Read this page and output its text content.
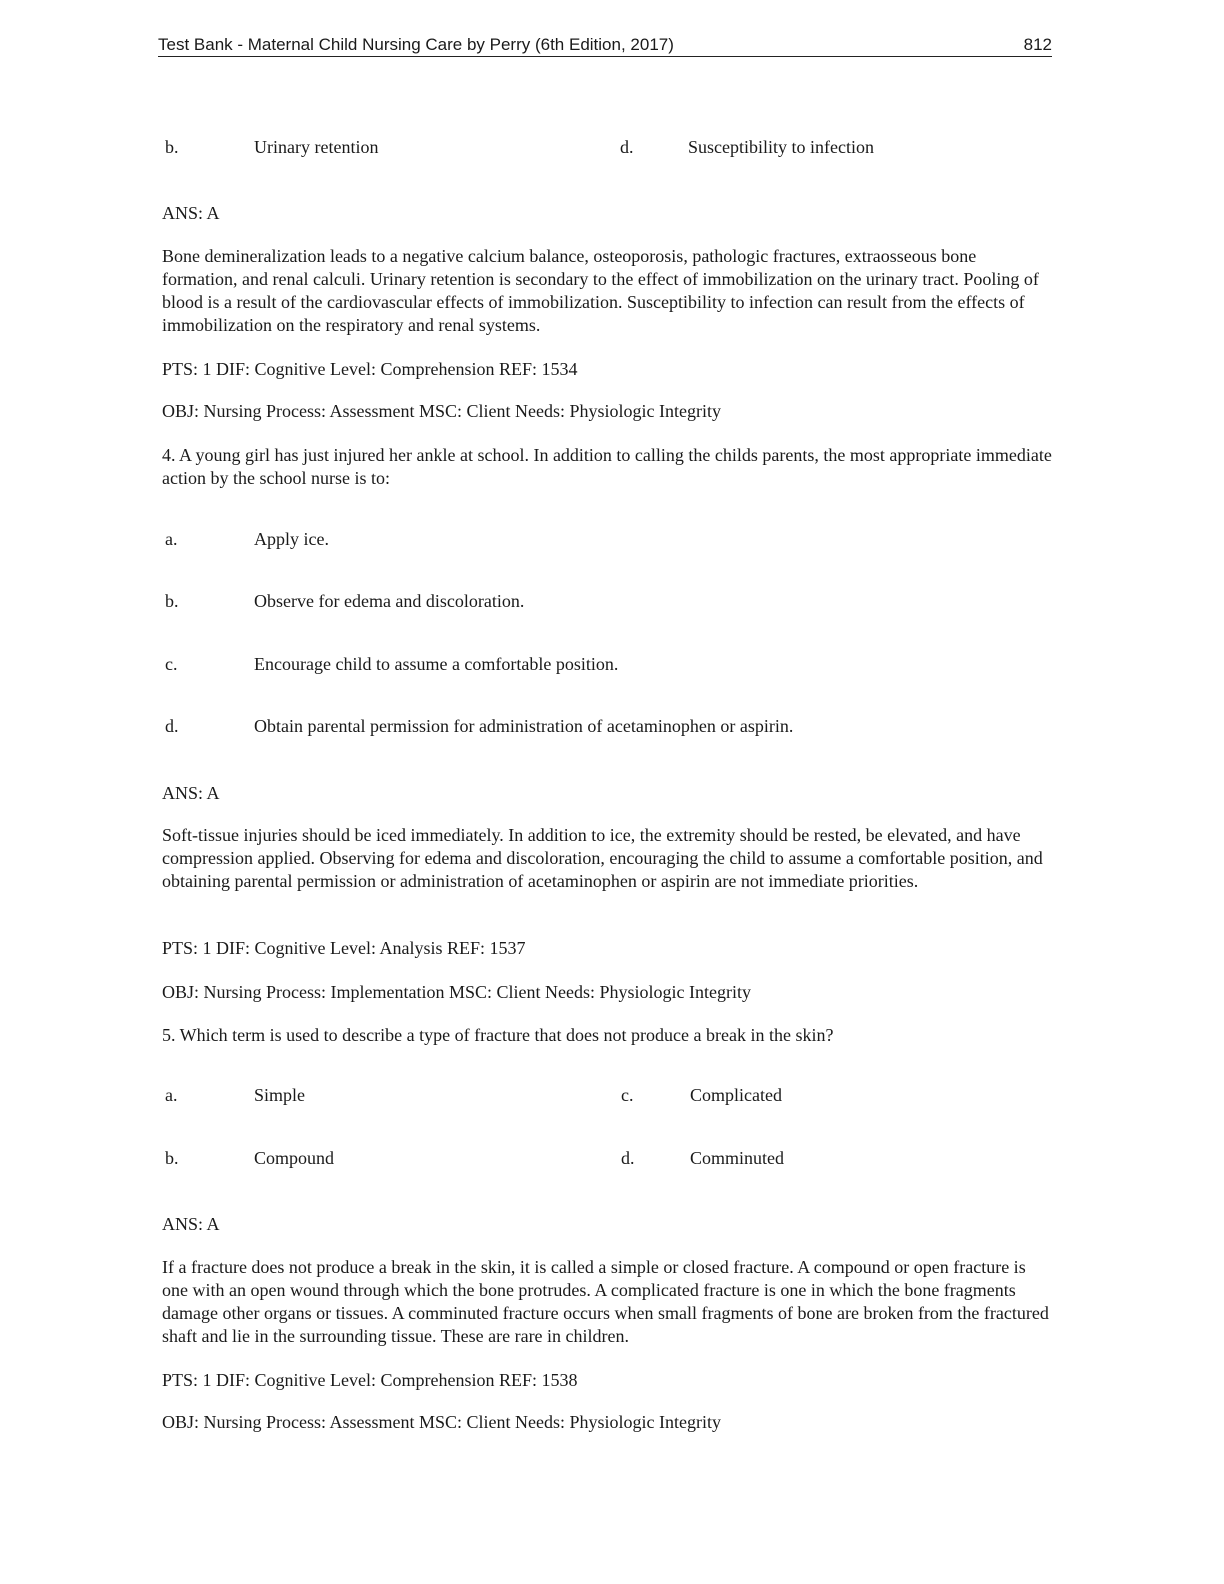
Test Bank - Maternal Child Nursing Care by Perry (6th Edition, 2017)	812
b.	Urinary retention	d.	Susceptibility to infection
ANS: A
Bone demineralization leads to a negative calcium balance, osteoporosis, pathologic fractures, extraosseous bone formation, and renal calculi. Urinary retention is secondary to the effect of immobilization on the urinary tract. Pooling of blood is a result of the cardiovascular effects of immobilization. Susceptibility to infection can result from the effects of immobilization on the respiratory and renal systems.
PTS: 1 DIF: Cognitive Level: Comprehension REF: 1534
OBJ: Nursing Process: Assessment MSC: Client Needs: Physiologic Integrity
4. A young girl has just injured her ankle at school. In addition to calling the childs parents, the most appropriate immediate action by the school nurse is to:
a.	Apply ice.
b.	Observe for edema and discoloration.
c.	Encourage child to assume a comfortable position.
d.	Obtain parental permission for administration of acetaminophen or aspirin.
ANS: A
Soft-tissue injuries should be iced immediately. In addition to ice, the extremity should be rested, be elevated, and have compression applied. Observing for edema and discoloration, encouraging the child to assume a comfortable position, and obtaining parental permission or administration of acetaminophen or aspirin are not immediate priorities.
PTS: 1 DIF: Cognitive Level: Analysis REF: 1537
OBJ: Nursing Process: Implementation MSC: Client Needs: Physiologic Integrity
5. Which term is used to describe a type of fracture that does not produce a break in the skin?
a.	Simple	c.	Complicated
b.	Compound	d.	Comminuted
ANS: A
If a fracture does not produce a break in the skin, it is called a simple or closed fracture. A compound or open fracture is one with an open wound through which the bone protrudes. A complicated fracture is one in which the bone fragments damage other organs or tissues. A comminuted fracture occurs when small fragments of bone are broken from the fractured shaft and lie in the surrounding tissue. These are rare in children.
PTS: 1 DIF: Cognitive Level: Comprehension REF: 1538
OBJ: Nursing Process: Assessment MSC: Client Needs: Physiologic Integrity
